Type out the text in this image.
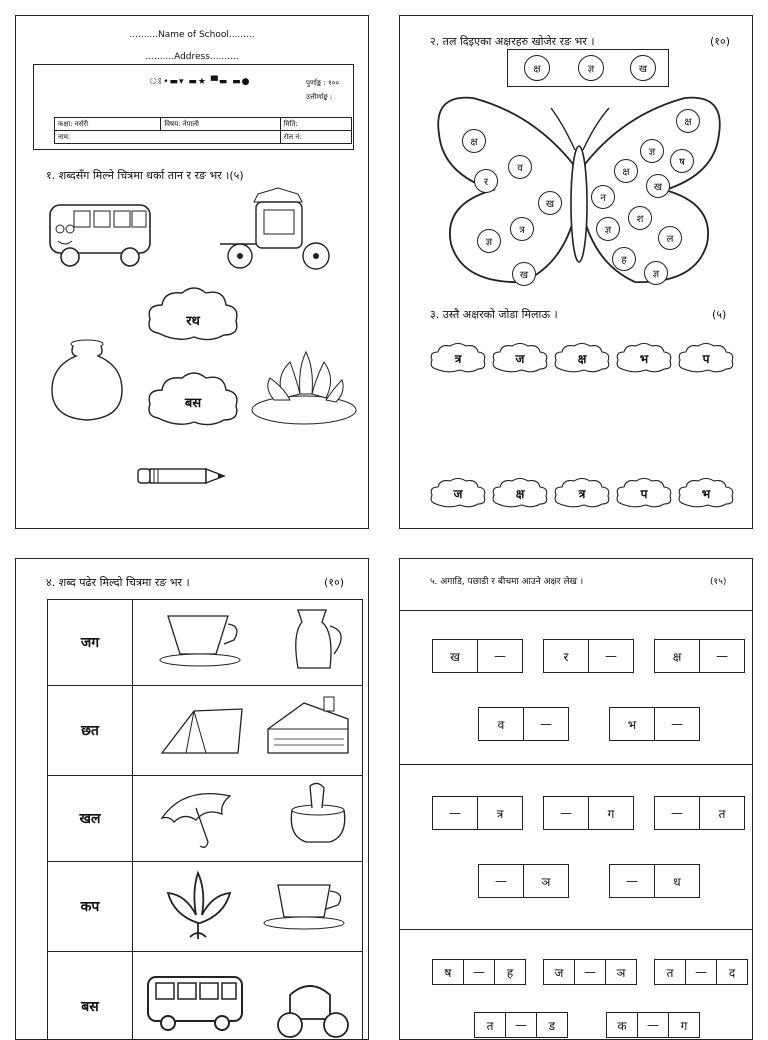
..........Name of School.........
..........Address..........
ঃ•▬▾ ▬★ ▀▬ ▬●	पुर्णाङ्क : १००
उत्तीर्णाङ्क :
कक्षा: नर्सरी	विषय: नेपाली	मिति:
नाम:		रोल नं:
१. शब्दसँग मिल्ने चित्रमा धर्का तान र रङ भर ।(५)
रथ
बस
२. तल दिइएका अक्षरहरु खोजेर रङ भर ।	(१०)
क्ष	ज्ञ	ख
क्ष
व
र
ख
त्र
ज्ञ
ख
ज्ञ
क्ष
ष
क्ष
ख
न
श
ज्ञ
ल
ह
ज्ञ
३. उस्तै अक्षरको जोडा मिलाऊ ।	(५)
त्र	ज	क्ष	भ	प
ज	क्ष	त्र	प	भ
४. शब्द पढेर मिल्दो चित्रमा रङ भर ।	(१०)
जग	
छत	
खल	
कप	
बस	
५. अगाडि, पछाडी र बीचमा आउने अक्षर लेख ।	(१५)
ख	—	र	—	क्ष	—
व	—	भ	—
—	त्र	—	ग	—	त
—	ञ	—	ध
ष	—	ह	ज	—	ञ	त	—	द
त	—	ड	क	—	ग
